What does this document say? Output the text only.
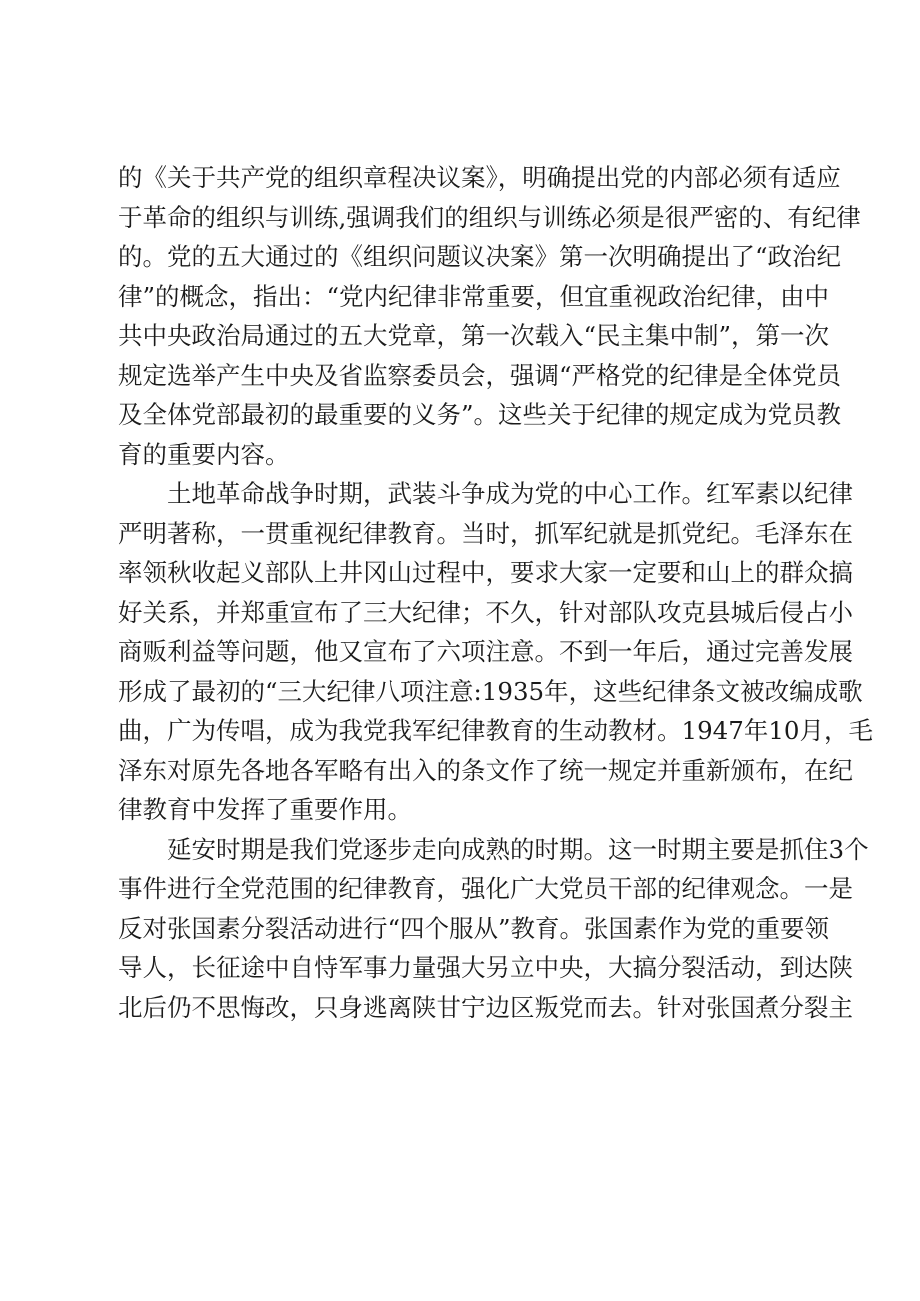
的《关于共产党的组织章程决议案》，明确提出党的内部必须有适应
于革命的组织与训练,强调我们的组织与训练必须是很严密的、有纪律
的。党的五大通过的《组织问题议决案》第一次明确提出了“政治纪
律”的概念，指出：“党内纪律非常重要，但宜重视政治纪律，由中
共中央政治局通过的五大党章，第一次载入“民主集中制”，第一次
规定选举产生中央及省监察委员会，强调“严格党的纪律是全体党员
及全体党部最初的最重要的义务”。这些关于纪律的规定成为党员教
育的重要内容。
土地革命战争时期，武装斗争成为党的中心工作。红军素以纪律
严明著称，一贯重视纪律教育。当时，抓军纪就是抓党纪。毛泽东在
率领秋收起义部队上井冈山过程中，要求大家一定要和山上的群众搞
好关系，并郑重宣布了三大纪律；不久，针对部队攻克县城后侵占小
商贩利益等问题，他又宣布了六项注意。不到一年后，通过完善发展
形成了最初的“三大纪律八项注意:1935年，这些纪律条文被改编成歌
曲，广为传唱，成为我党我军纪律教育的生动教材。1947年10月，毛
泽东对原先各地各军略有出入的条文作了统一规定并重新颁布，在纪
律教育中发挥了重要作用。
延安时期是我们党逐步走向成熟的时期。这一时期主要是抓住3个
事件进行全党范围的纪律教育，强化广大党员干部的纪律观念。一是
反对张国素分裂活动进行“四个服从”教育。张国素作为党的重要领
导人，长征途中自恃军事力量强大另立中央，大搞分裂活动，到达陕
北后仍不思悔改，只身逃离陕甘宁边区叛党而去。针对张国煮分裂主
